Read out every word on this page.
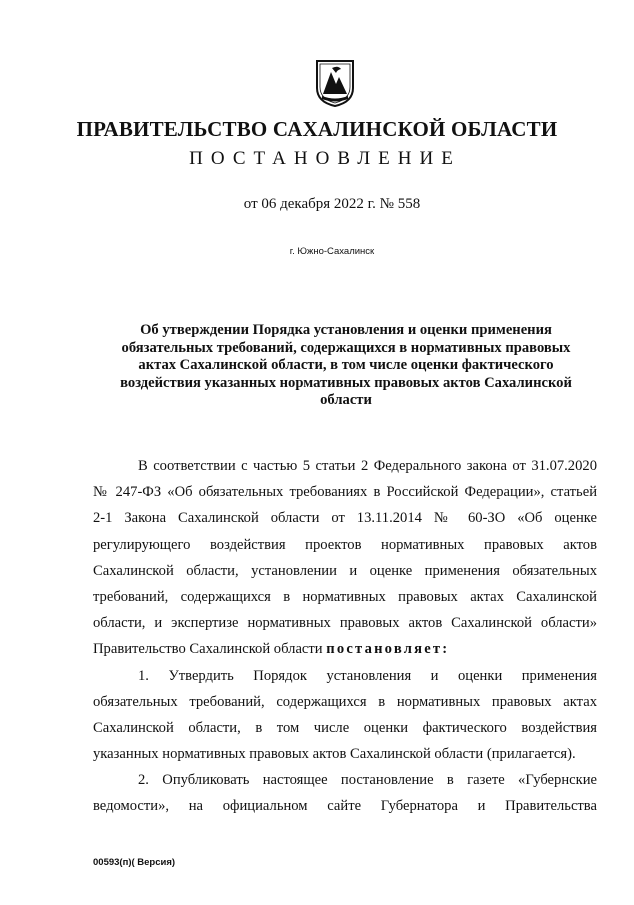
ПРАВИТЕЛЬСТВО САХАЛИНСКОЙ ОБЛАСТИ
ПОСТАНОВЛЕНИЕ
от 06 декабря 2022 г. № 558
г. Южно-Сахалинск
Об утверждении Порядка установления и оценки применения
обязательных требований, содержащихся в нормативных правовых
актах Сахалинской области, в том числе оценки фактического
воздействия указанных нормативных правовых актов Сахалинской
области
В соответствии с частью 5 статьи 2 Федерального закона от 31.07.2020
№ 247-ФЗ «Об обязательных требованиях в Российской Федерации», статьей
2-1 Закона Сахалинской области от 13.11.2014 № 60-ЗО «Об оценке
регулирующего воздействия проектов нормативных правовых актов
Сахалинской области, установлении и оценке применения обязательных
требований, содержащихся в нормативных правовых актах Сахалинской
области, и экспертизе нормативных правовых актов Сахалинской области»
Правительство Сахалинской области постановляет:
1. Утвердить Порядок установления и оценки применения
обязательных требований, содержащихся в нормативных правовых актах
Сахалинской области, в том числе оценки фактического воздействия
указанных нормативных правовых актов Сахалинской области (прилагается).
2. Опубликовать настоящее постановление в газете «Губернские
ведомости», на официальном сайте Губернатора и Правительства
00593(п)( Версия)
